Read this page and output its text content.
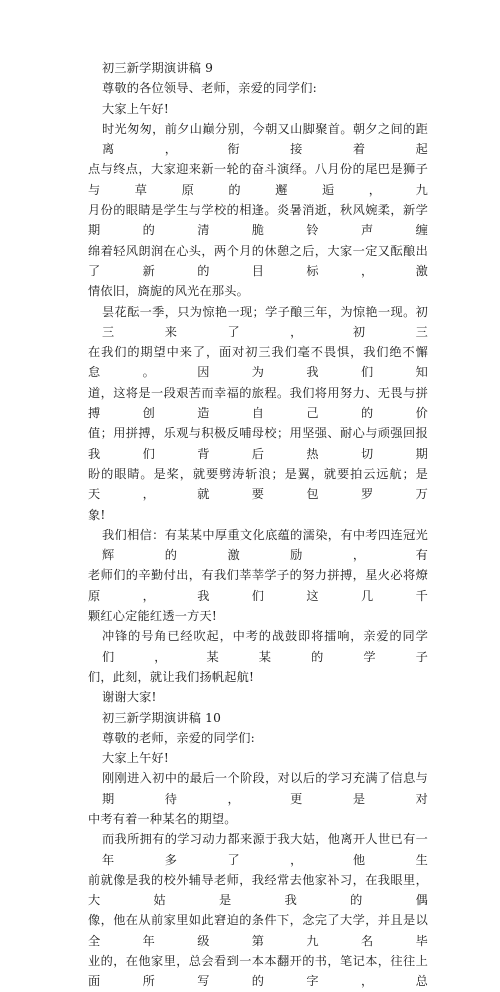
初三新学期演讲稿 9

尊敬的各位领导、老师，亲爱的同学们:

大家上午好!

时光匆匆，前夕山巅分别，今朝又山脚聚首。朝夕之间的距离，衔接着起

点与终点，大家迎来新一轮的奋斗演绎。八月份的尾巴是狮子与草原的邂逅，九

月份的眼睛是学生与学校的相逢。炎暑消逝，秋风婉柔，新学期的清脆铃声缠

绵着轻风朗润在心头，两个月的休憩之后，大家一定又酝酿出了新的目标，激

情依旧，旖旎的风光在那头。

昙花酝一季，只为惊艳一现；学子酿三年，为惊艳一现。初三来了，初三

在我们的期望中来了，面对初三我们毫不畏惧，我们绝不懈怠。因为我们知

道，这将是一段艰苦而幸福的旅程。我们将用努力、无畏与拼搏创造自己的价

值；用拼搏，乐观与积极反哺母校；用坚强、耐心与顽强回报我们背后热切期

盼的眼睛。是桨，就要劈涛斩浪；是翼，就要拍云远航；是天，就要包罗万

象!

我们相信：有某某中厚重文化底蕴的濡染，有中考四连冠光辉的激励，有

老师们的辛勤付出，有我们莘莘学子的努力拼搏，星火必将燎原，我们这几千

颗红心定能红透一方天!

冲锋的号角已经吹起，中考的战鼓即将擂响，亲爱的同学们，某某的学子

们，此刻，就让我们扬帆起航!

谢谢大家!

初三新学期演讲稿 10

尊敬的老师，亲爱的同学们:

大家上午好!

刚刚进入初中的最后一个阶段，对以后的学习充满了信息与期待，更是对

中考有着一种某名的期望。

而我所拥有的学习动力都来源于我大姑，他离开人世已有一年多了，他生

前就像是我的校外辅导老师，我经常去他家补习，在我眼里，大姑是我的偶

像，他在从前家里如此窘迫的条件下，念完了大学，并且是以全年级第九名毕

业的，在他家里，总会看到一本本翻开的书，笔记本，往往上面所写的字，总
